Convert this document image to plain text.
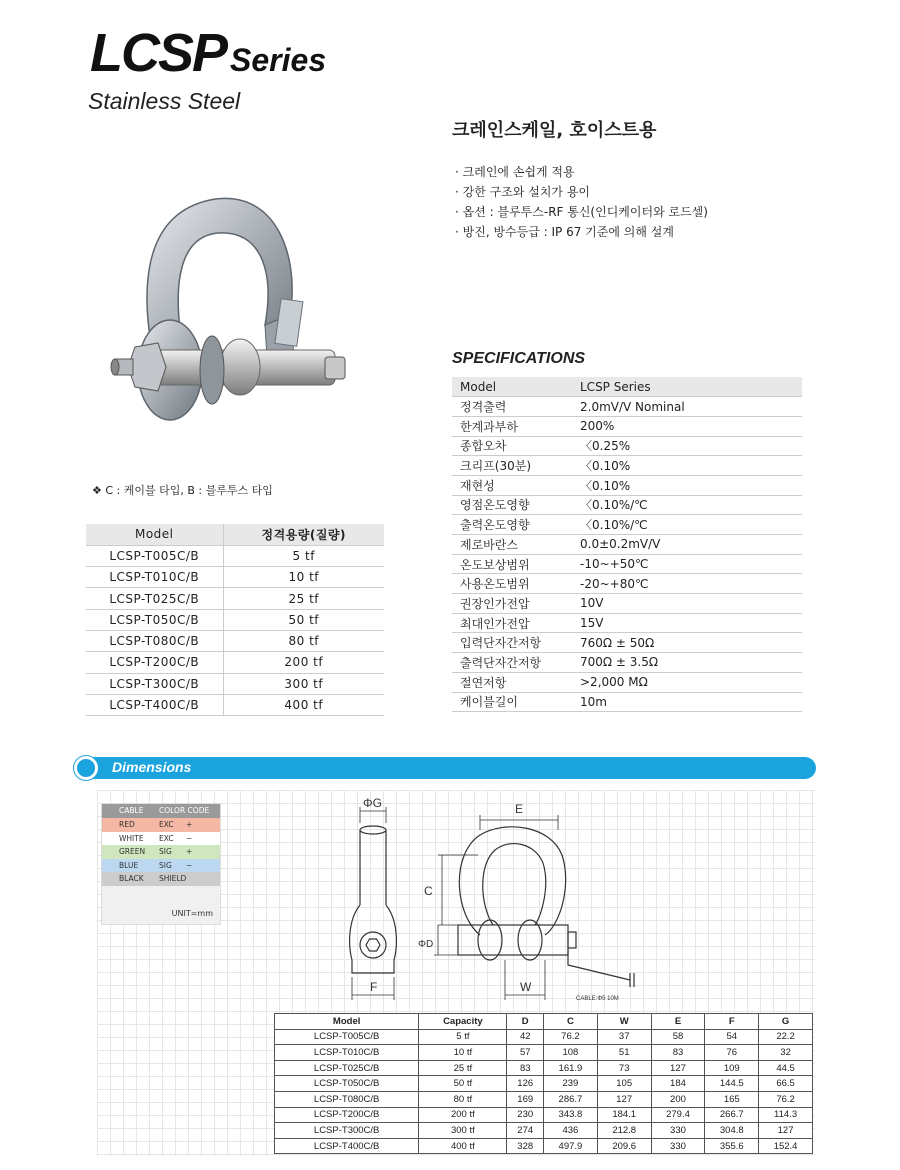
LCSP Series
Stainless Steel
크레인스케일, 호이스트용
· 크레인에 손쉽게 적용
· 강한 구조와 설치가 용이
· 옵션 : 블루투스-RF 통신(인디케이터와 로드셀)
· 방진, 방수등급 : IP 67 기준에 의해 설계
SPECIFICATIONS
Model	LCSP Series
정격출력	2.0mV/V Nominal
한계과부하	200%
종합오차	〈0.25%
크리프(30분)	〈0.10%
재현성	〈0.10%
영점온도영향	〈0.10%/℃
출력온도영향	〈0.10%/℃
제로바란스	0.0±0.2mV/V
온도보상범위	-10~+50℃
사용온도범위	-20~+80℃
권장인가전압	10V
최대인가전압	15V
입력단자간저항	760Ω ± 50Ω
출력단자간저항	700Ω ± 3.5Ω
절연저항	>2,000 MΩ
케이블길이	10m
❖ C : 케이블 타입, B : 블루투스 타입
Model	정격용량(질량)
LCSP-T005C/B	5 tf
LCSP-T010C/B	10 tf
LCSP-T025C/B	25 tf
LCSP-T050C/B	50 tf
LCSP-T080C/B	80 tf
LCSP-T200C/B	200 tf
LCSP-T300C/B	300 tf
LCSP-T400C/B	400 tf
Dimensions
CABLE COLOR CODE
RED	EXC +
WHITE EXC −
GREEN SIG +
BLUE	SIG −
BLACK SHIELD
UNIT=mm
ΦG
F
E
C
ΦD
W
CABLE:Φ5 10M
Model	Capacity	D	C	W	E	F	G
LCSP-T005C/B	5 tf	42	76.2	37	58	54	22.2
LCSP-T010C/B	10 tf	57	108	51	83	76	32
LCSP-T025C/B	25 tf	83	161.9	73	127	109	44.5
LCSP-T050C/B	50 tf	126	239	105	184	144.5	66.5
LCSP-T080C/B	80 tf	169	286.7	127	200	165	76.2
LCSP-T200C/B	200 tf	230	343.8	184.1	279.4	266.7	114.3
LCSP-T300C/B	300 tf	274	436	212.8	330	304.8	127
LCSP-T400C/B	400 tf	328	497.9	209.6	330	355.6	152.4
